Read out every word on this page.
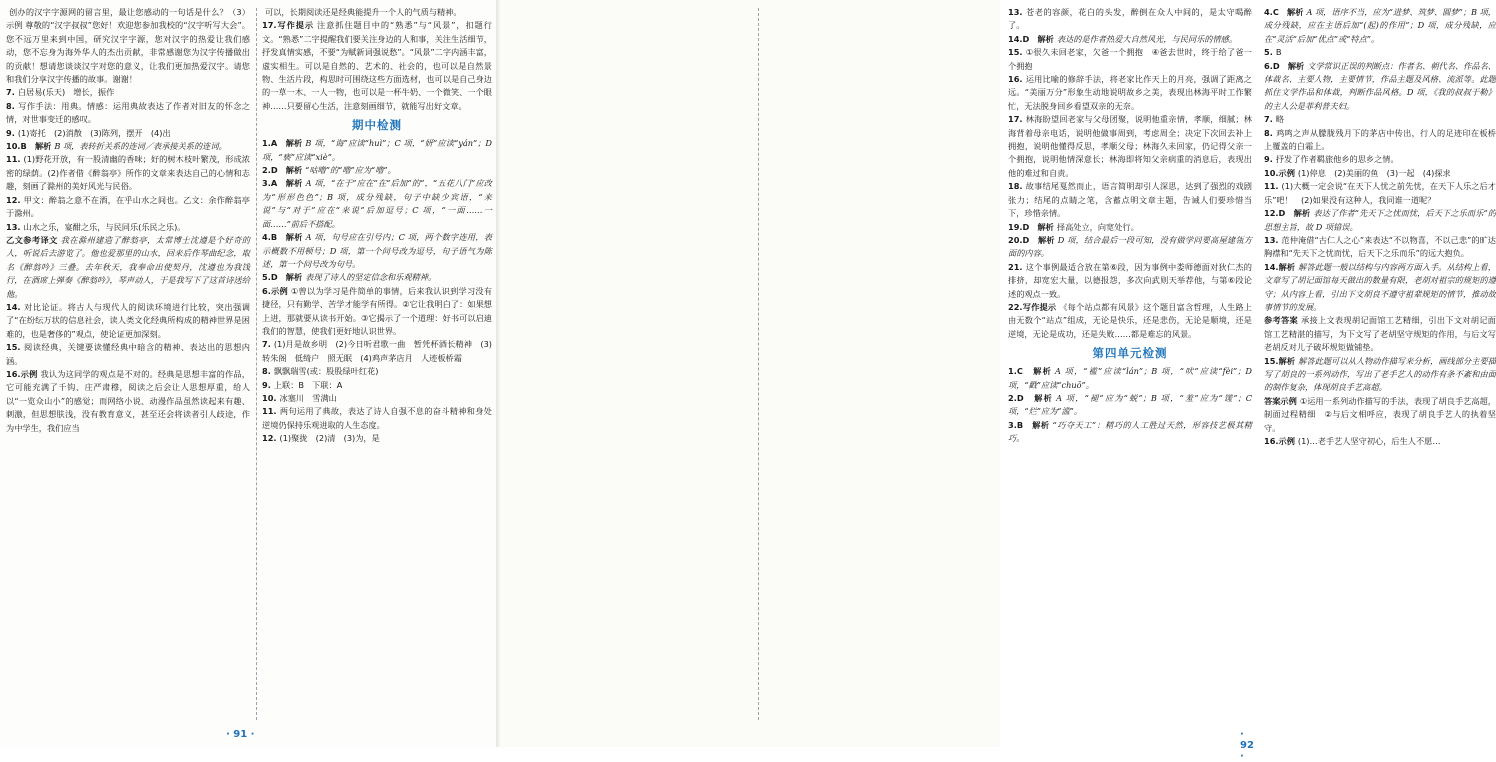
创办的汉字字源网的留言里，最让您感动的一句话是什么？（3）示例 尊敬的“汉字叔叔”您好！欢迎您参加我校的“汉字听写大会”。您不远万里来到中国，研究汉字字源，您对汉字的热爱让我们感动，您不忘身为海外华人的杰出贡献，非常感谢您为汉字传播做出的贡献！想请您谈谈汉字对您的意义，让我们更加热爱汉字。请您和我们分享汉字传播的故事。谢谢！
7. 白居易(乐天)　增长，振作
8. 写作手法：用典。情感：运用典故表达了作者对旧友的怀念之情，对世事变迁的感叹。
9. (1)寄托　(2)消散　(3)陈列，摆开　(4)出　　
10.B　解析 B 项，表转折关系的连词／表承接关系的连词。
11. (1)野花开放，有一股清幽的香味；好的树木枝叶繁茂，形成浓密的绿荫。(2)作者借《醉翁亭》所作的文章来表达自己的心情和志趣，刻画了滁州的美好风光与民俗。
12. 甲文：醉翁之意不在酒，在乎山水之间也。乙文：余作醉翁亭于滁州。
13. 山水之乐，宴酣之乐，与民同乐(乐民之乐)。
乙文参考译文 我在滁州建造了醉翁亭，太常博士沈遵是个好奇的人，听说后去游览了。他也爱那里的山水，回来后作琴曲纪念，取名《醉翁吟》三叠。去年秋天，我奉命出使契丹，沈遵也为我饯行，在酒席上弹奏《醉翁吟》，琴声动人，于是我写下了这首诗送给他。
14. 对比论证。将古人与现代人的阅读环境进行比较，突出强调了“在纷纭万状的信息社会，读人类文化经典所构成的精神世界是困难的，也是奢侈的”观点，使论证更加深刻。
15. 阅读经典，关键要读懂经典中暗含的精神、表达出的思想内涵。
16.示例 我认为这同学的观点是不对的。经典是思想丰富的作品，它可能充满了千钩、庄严肃穆，阅读之后会让人思想厚重，给人以“一览众山小”的感觉；而网络小说、动漫作品虽然读起来有趣、刺激，但思想肤浅，没有教育意义，甚至还会将读者引人歧途，作为中学生，我们应当
可以，长期阅读还是经典能提升一个人的气质与精神。
17.写作提示 注意抓住题目中的“熟悉”与“风景”，扣题行文。“熟悉”二字提醒我们要关注身边的人和事，关注生活细节，抒发真情实感，不要“为赋新词强说愁”。“风景”二字内涵丰富，虚实相生。可以是自然的、艺术的、社会的，也可以是自然景物、生活片段，构思时可围绕这些方面选材，也可以是自己身边的一草一木、一人一物，也可以是一杯牛奶、一个微笑、一个眼神……只要留心生活，注意刻画细节，就能写出好文章。
期中检测
1.A　解析 B 项，“诲”应读“huì”；C 项，“妍”应读“yán”；D 项，“亵”应读“xiè”。
2.D　解析 “咕噜”的“噜”应为“噜”。
3.A　解析 A 项，“在于”应在“在”后加“的”，“五花八门”应改为“形形色色”；B 项，成分残缺，句子中缺少宾语，“来说”与“对于”应在“来说”后加逗号；C 项，“一面……一面……”前后不搭配。
4.B　解析 A 项，句号应在引号内；C 项，两个数字连用，表示概数不用顿号；D 项，第一个问号改为逗号，句子语气为陈述，第一个问号改为句号。
5.D　解析 表现了诗人的坚定信念和乐观精神。
6.示例 ①曾以为学习是件简单的事情，后来我认识到学习没有捷径，只有勤学、苦学才能学有所得。②它让我明白了：如果想上进，那就要从读书开始。③它揭示了一个道理：好书可以启迪我们的智慧，使我们更好地认识世界。
7. (1)月是故乡明　(2)今日听君歌一曲　暂凭杯酒长精神　(3)转朱阁　低绮户　照无眠　(4)鸡声茅店月　人迹板桥霜
8. 飘飘瑞雪(或：股股绿叶红花)
9. 上联：B　下联：A
10. 冰塞川　雪满山
11. 两句运用了典故，表达了诗人自强不息的奋斗精神和身处逆境仍保持乐观进取的人生态度。
12. (1)聚拢　(2)清　(3)为，是
· 91 ·
13. 苍老的容颜，花白的头发，醉倒在众人中间的，是太守喝醉了。
14.D　解析 表达的是作者热爱大自然风光，与民同乐的情感。
15. ①很久未回老家，欠爸一个拥抱　④爸去世时，终于给了爸一个拥抱
16. 运用比喻的修辞手法，将老家比作天上的月亮，强调了距离之远。“美丽万分”形象生动地说明故乡之美，表现出林海平时工作繁忙，无法脱身回乡看望双亲的无奈。
17. 林海盼望回老家与父母团聚，说明他重亲情，孝顺，细腻；林海背着母亲电话，说明他做事周到，考虑周全；决定下次回去补上拥抱，说明他懂得反思，孝顺父母；林海久未回家，仍记得父亲一个拥抱，说明他情深意长；林海即将知父亲病重的消息后，表现出他的难过和自责。
18. 故事结尾戛然而止，语言简明却引人深思，达到了强烈的戏剧张力；结尾的点睛之笔，含蓄点明文章主题，告诫人们要珍惜当下，珍惜亲情。
19.D　解析 择高处立，向宽处行。
20.D　解析 D 项，结合最后一段可知，没有做学问要高屋建瓴方面的内容。
21. 这个事例最适合放在第⑥段，因为事例中娄师德面对狄仁杰的排挤，却宽宏大量，以德报怨，多次向武则天举荐他，与第⑥段论述的观点一致。
22.写作提示 《每个站点都有风景》这个题目富含哲理，人生路上由无数个“站点”组成，无论是快乐，还是悲伤，无论是顺境，还是逆境，无论是成功，还是失败……都是难忘的风景。
第四单元检测
1.C　解析 A 项，“褴”应读“lán”；B 项，“吠”应读“fèi”；D 项，“戳”应读“chuō”。
2.D　解析 A 项，“褪”应为“蜕”；B 项，“羞”应为“馐”；C 项，“烂”应为“滥”。
3.B　解析 “巧夺天工”：精巧的人工胜过天然，形容技艺极其精巧。
4.C　解析 A 项，语序不当，应为“进梦、筑梦、圆梦”；B 项，成分残缺，应在主语后加“(起)的作用”；D 项，成分残缺，应在“灵活”后加“优点”或“特点”。
5. B
6.D　解析 文学常识正误的判断点：作者名、朝代名、作品名、体裁名、主要人物，主要情节，作品主题及风格、流派等。此题抓住文学作品和体裁，判断作品风格。D 项，《我的叔叔于勒》的主人公是菲利普夫妇。
7. 略
8. 鸡鸣之声从朦胧残月下的茅店中传出，行人的足迹印在板桥上覆盖的白霜上。
9. 抒发了作者羁旅他乡的思乡之情。
10.示例 (1)停息　(2)美丽的鱼　(3)一起　(4)探求
11. (1)大概一定会说“在天下人忧之前先忧，在天下人乐之后才乐”吧！　(2)如果没有这种人，我同谁一道呢？
12.D　解析 表达了作者“先天下之忧而忧，后天下之乐而乐”的思想主旨，故 D 项错误。
13. 范仲淹借“古仁人之心”来表达“不以物喜，不以己悲”的旷达胸襟和“先天下之忧而忧，后天下之乐而乐”的远大抱负。
14.解析 解答此题一般以结构与内容两方面入手。从结构上看，文章写了胡记面馆每天做出的数量有限，老胡对祖宗的规矩的遵守；从内容上看，引出下文胡良不遵守祖辈规矩的情节，推动故事情节的发展。
参考答案 承接上文表现胡记面馆工艺精细，引出下文对胡记面馆工艺精湛的描写，为下文写了老胡坚守规矩的作用，与后文写老胡反对儿子破坏规矩做铺垫。
15.解析 解答此题可以从人物动作描写来分析，画线部分主要描写了胡良的一系列动作，写出了老手艺人的动作有条不紊和由面的制作复杂，体现胡良手艺高超。
答案示例 ①运用一系列动作描写的手法，表现了胡良手艺高超，制面过程精细　②与后文相呼应，表现了胡良手艺人的执着坚守。
16.示例 (1)…老手艺人坚守初心，后生人不愿…
· 92 ·
